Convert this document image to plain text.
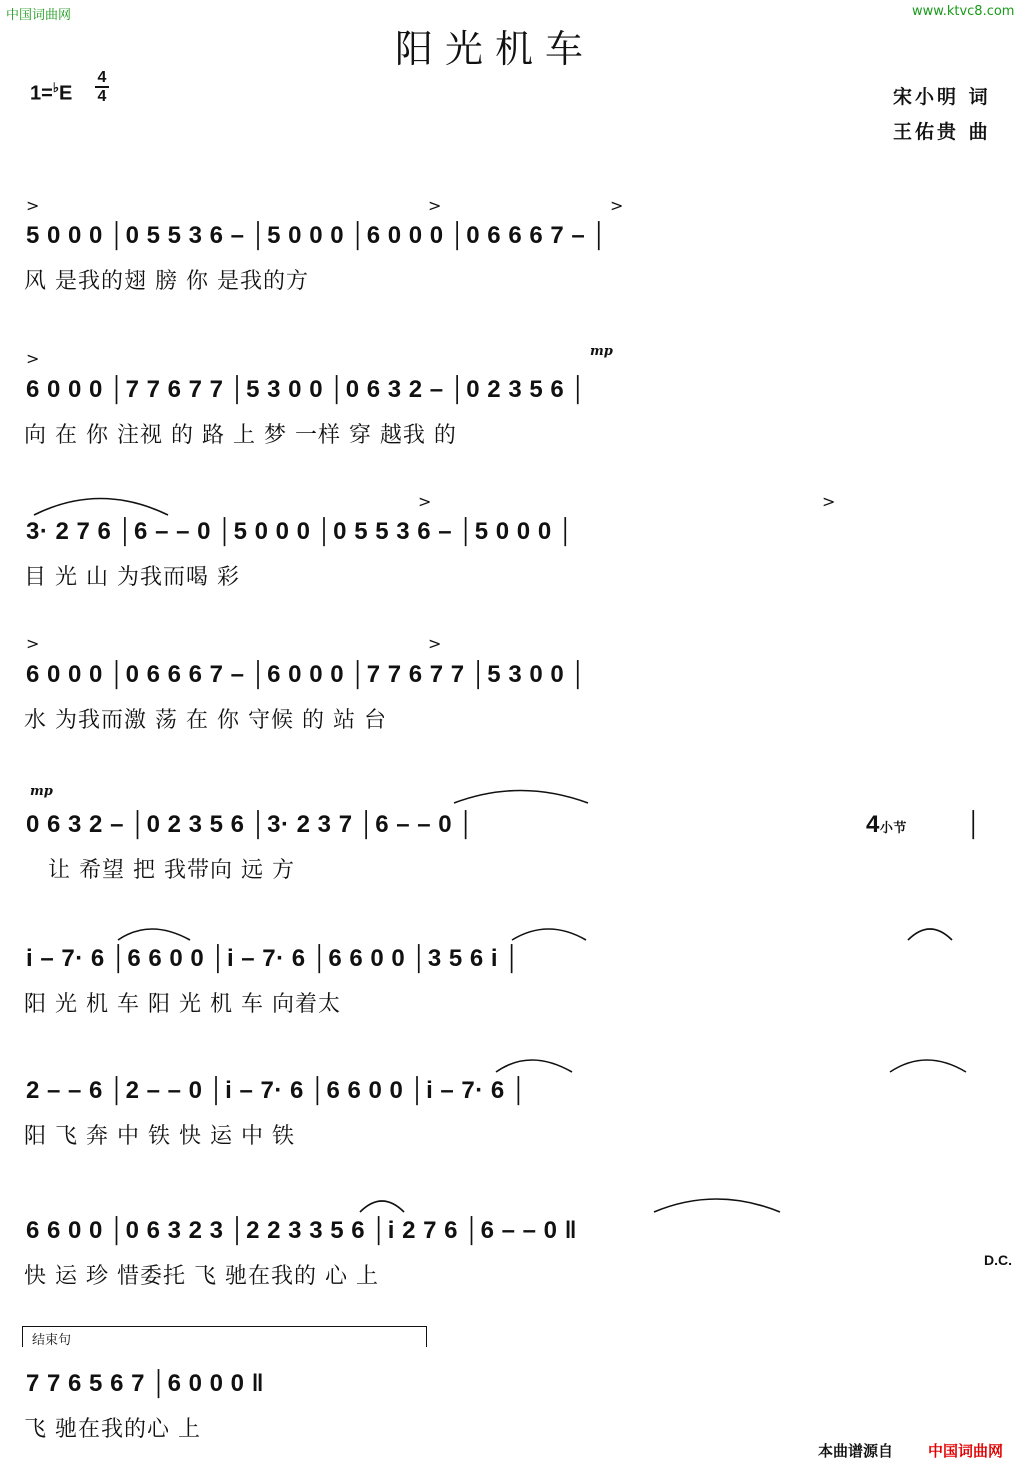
中国词曲网	www.ktvc8.com
阳光机车
1=♭E
4
4	宋小明 词
王佑贵 曲
>	>	>
5 0 0 0 │0 5 5 3 6 – │5 0 0 0 │6 0 0 0 │0 6 6 6 7 – │
风 是我的翅 膀 你 是我的方
>	mp
6 0 0 0 │7 7 6 7 7 │5 3 0 0 │0 6 3 2 – │0 2 3 5 6 │
向 在 你 注视 的 路 上 梦 一样 穿 越我 的
>	>
3· 2 7 6 │6 – – 0 │5 0 0 0 │0 5 5 3 6 – │5 0 0 0 │
目 光 山 为我而喝 彩
>	>
6 0 0 0 │0 6 6 6 7 – │6 0 0 0 │7 7 6 7 7 │5 3 0 0 │
水 为我而激 荡 在 你 守候 的 站 台
mp
0 6 3 2 – │0 2 3 5 6 │3· 2 3 7 │6 – – 0 │	4小节	│
让 希望 把 我带向 远 方
i – 7· 6 │6 6 0 0 │i – 7· 6 │6 6 0 0 │3 5 6 i │
阳 光 机 车 阳 光 机 车 向着太
2 – – 6 │2 – – 0 │i – 7· 6 │6 6 0 0 │i – 7· 6 │
阳 飞 奔 中 铁 快 运 中 铁
6 6 0 0 │0 6 3 2 3 │2 2 3 3 5 6 │i 2 7 6 │6 – – 0 ‖
D.C.
快 运 珍 惜委托 飞 驰在我的 心 上
结束句
7 7 6 5 6 7 │6 0 0 0 ‖
飞 驰在我的心 上
本曲谱源自 中国词曲网
